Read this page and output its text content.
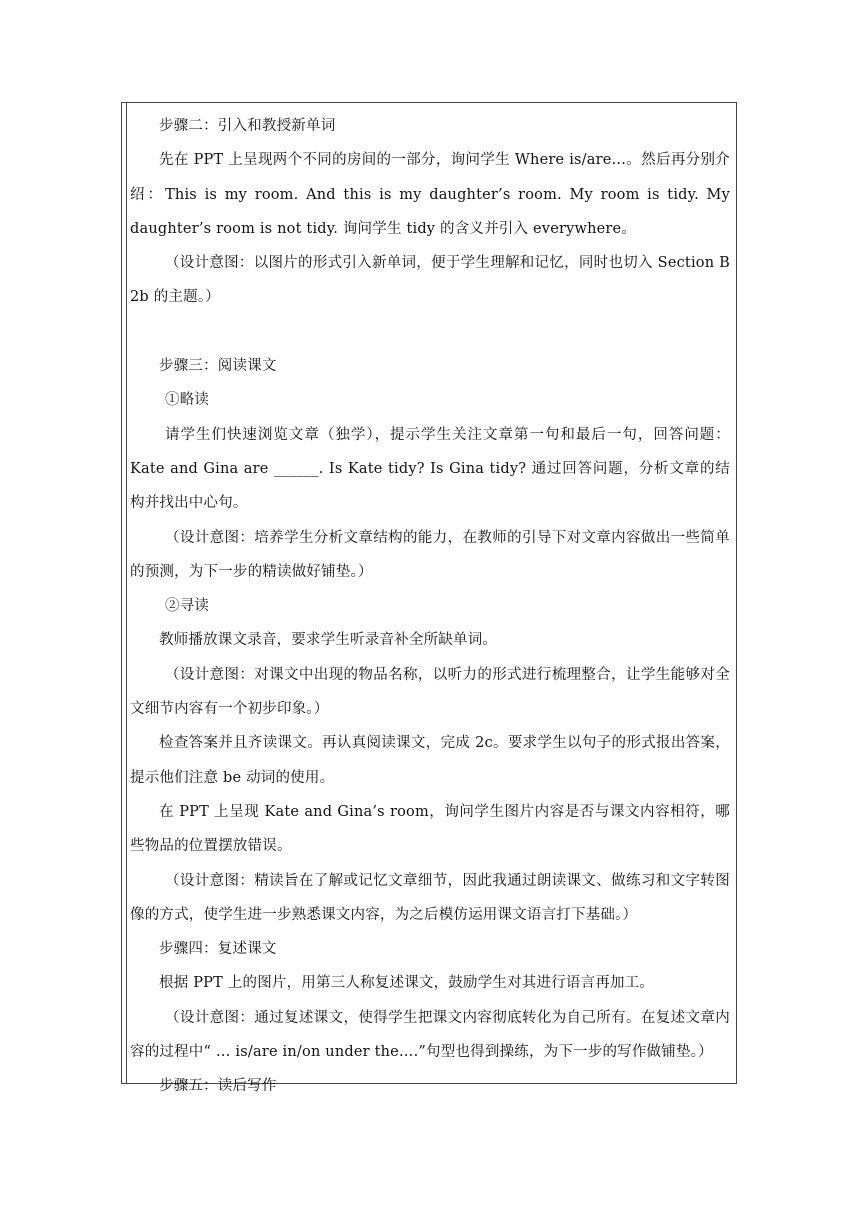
步骤二：引入和教授新单词

先在 PPT 上呈现两个不同的房间的一部分，询问学生 Where is/are…。然后再分别介绍：This is my room. And this is my daughter’s room. My room is tidy. My daughter’s room is not tidy. 询问学生 tidy 的含义并引入 everywhere。

（设计意图：以图片的形式引入新单词，便于学生理解和记忆，同时也切入 Section B 2b 的主题。）

步骤三：阅读课文

①略读

请学生们快速浏览文章（独学），提示学生关注文章第一句和最后一句，回答问题：Kate and Gina are ______. Is Kate tidy? Is Gina tidy? 通过回答问题，分析文章的结构并找出中心句。

（设计意图：培养学生分析文章结构的能力，在教师的引导下对文章内容做出一些简单的预测，为下一步的精读做好铺垫。）

②寻读

教师播放课文录音，要求学生听录音补全所缺单词。

（设计意图：对课文中出现的物品名称，以听力的形式进行梳理整合，让学生能够对全文细节内容有一个初步印象。）

检查答案并且齐读课文。再认真阅读课文，完成 2c。要求学生以句子的形式报出答案，提示他们注意 be 动词的使用。

在 PPT 上呈现 Kate and Gina’s room，询问学生图片内容是否与课文内容相符，哪些物品的位置摆放错误。

（设计意图：精读旨在了解或记忆文章细节，因此我通过朗读课文、做练习和文字转图像的方式，使学生进一步熟悉课文内容，为之后模仿运用课文语言打下基础。）

步骤四：复述课文

根据 PPT 上的图片，用第三人称复述课文，鼓励学生对其进行语言再加工。

（设计意图：通过复述课文，使得学生把课文内容彻底转化为自己所有。在复述文章内容的过程中“ … is/are in/on under the….”句型也得到操练，为下一步的写作做铺垫。）

步骤五：读后写作
